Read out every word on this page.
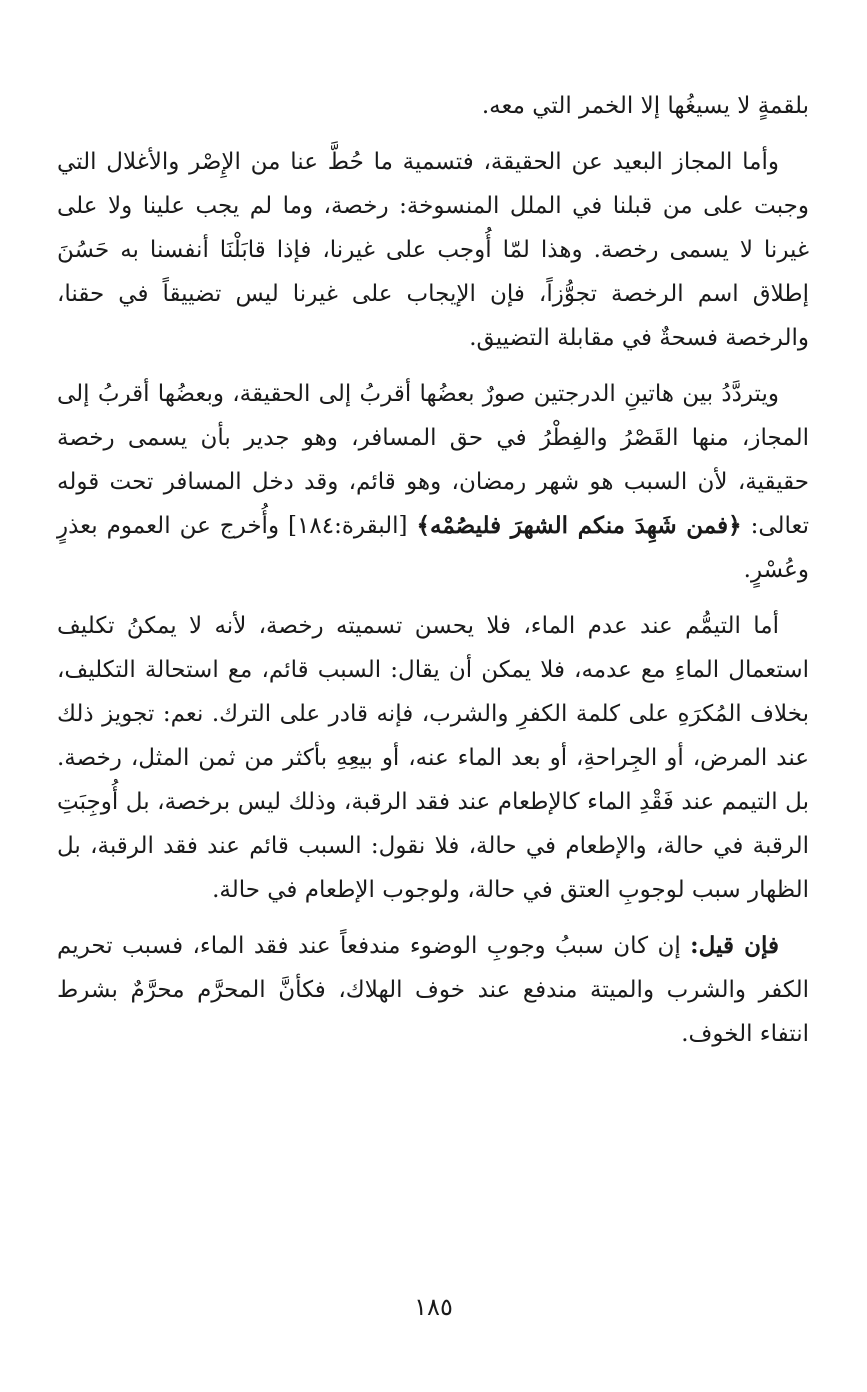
بلقمةٍ لا يسيغُها إلا الخمر التي معه.

وأما المجاز البعيد عن الحقيقة، فتسمية ما حُطَّ عنا من الإِصْر والأغلال التي وجبت على من قبلنا في الملل المنسوخة: رخصة، وما لم يجب علينا ولا على غيرنا لا يسمى رخصة. وهذا لمّا أُوجب على غيرنا، فإذا قابَلْنَا أنفسنا به حَسُنَ إطلاق اسم الرخصة تجوُّزاً، فإن الإيجاب على غيرنا ليس تضييقاً في حقنا، والرخصة فسحةٌ في مقابلة التضييق.

ويتردَّدُ بين هاتينِ الدرجتين صورٌ بعضُها أقربُ إلى الحقيقة، وبعضُها أقربُ إلى المجاز، منها القَصْرُ والفِطْرُ في حق المسافر، وهو جدير بأن يسمى رخصة حقيقية، لأن السبب هو شهر رمضان، وهو قائم، وقد دخل المسافر تحت قوله تعالى: ﴿فمن شَهِدَ منكم الشهرَ فليصُمْه﴾ [البقرة:١٨٤] وأُخرج عن العموم بعذرٍ وعُسْرٍ.

أما التيمُّم عند عدم الماء، فلا يحسن تسميته رخصة، لأنه لا يمكنُ تكليف استعمال الماءِ مع عدمه، فلا يمكن أن يقال: السبب قائم، مع استحالة التكليف، بخلاف المُكرَهِ على كلمة الكفرِ والشرب، فإنه قادر على الترك. نعم: تجويز ذلك عند المرض، أو الجِراحةِ، أو بعد الماء عنه، أو بيعِهِ بأكثر من ثمن المثل، رخصة. بل التيمم عند فَقْدِ الماء كالإطعام عند فقد الرقبة، وذلك ليس برخصة، بل أُوجِبَتِ الرقبة في حالة، والإطعام في حالة، فلا نقول: السبب قائم عند فقد الرقبة، بل الظهار سبب لوجوبِ العتق في حالة، ولوجوب الإطعام في حالة.

فإن قيل: إن كان سببُ وجوبِ الوضوء مندفعاً عند فقد الماء، فسبب تحريم الكفر والشرب والميتة مندفع عند خوف الهلاك، فكأنَّ المحرَّم محرَّمٌ بشرط انتفاء الخوف.

١٨٥
